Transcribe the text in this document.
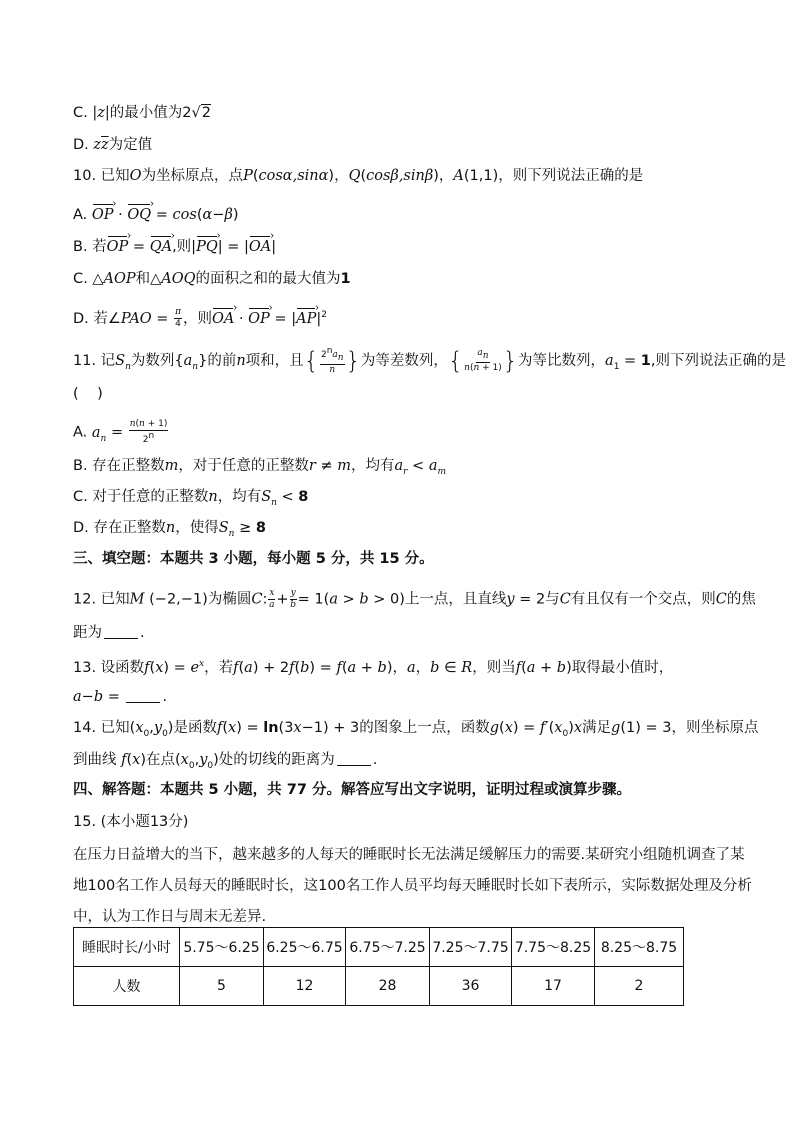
C. |z|的最小值为2√2
D. $z\overline{z}$为定值
10. 已知O为坐标原点，点P(cosα,sinα)，Q(cosβ,sinβ)，A(1,1)，则下列说法正确的是
A. OP › · OQ › = cos(α−β)
B. 若OP › = QA ›,则|PQ ›| = |OA ›|
C. △AOP和△AOQ的面积之和的最大值为1
D. 若∠PAO = $\frac{\pi}{4}$ ，则OA › · OP › = |AP $›|^2$
11. 记$S_n$为数列$\{a_n\}$的前n项和，且{ $\frac{2^na_n}{n}$ }为等差数列，{ $\frac{a_n}{n(n + 1)}$ }为等比数列，$a_1 = 1$,则下列说法正确的是
(    )
A. $a_n = \frac{n(n + 1)}{2^n}$
B. 存在正整数m，对于任意的正整数r ≠ m，均有$a_r < a_m$
C. 对于任意的正整数n，均有$S_n < 8$
D. 存在正整数n，使得$S_n \ge 8$
三、填空题：本题共 3 小题，每小题 5 分，共 15 分。
12. 已知M (−2,−1)为椭圆C: $\frac{x}{a} + \frac{y}{b} = 1(a > b > 0)$上一点，且直线y = 2与C有且仅有一个交点，则C的焦
距为	.
13. 设函数$f(x) = e^x$，若f(a) + 2f(b) = f(a + b)，a，b ∈ R，则当f(a + b)取得最小值时，
a−b =	.
14. 已知$(x_0,y_0)$是函数f(x) = ln(3x−1) + 3的图象上一点，函数$g(x) = f'(x_0)x$满足g(1) = 3，则坐标原点
到曲线 f(x)在点$(x_0,y_0)$处的切线的距离为	.
四、解答题：本题共 5 小题，共 77 分。解答应写出文字说明，证明过程或演算步骤。
15. (本小题13分)
在压力日益增大的当下，越来越多的人每天的睡眠时长无法满足缓解压力的需要.某研究小组随机调查了某
地100名工作人员每天的睡眠时长，这100名工作人员平均每天睡眠时长如下表所示，实际数据处理及分析
中，认为工作日与周末无差异.
睡眠时长/小时	5.75～6.25	6.25～6.75	6.75～7.25	7.25～7.75	7.75～8.25	8.25～8.75
人数	5	12	28	36	17	2
